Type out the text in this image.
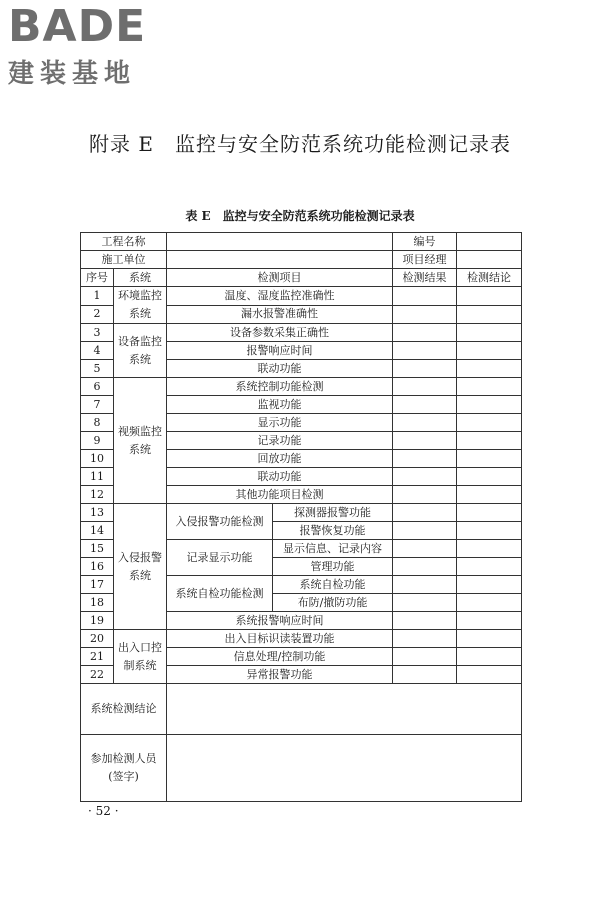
BADE
建装基地
附录 E　监控与安全防范系统功能检测记录表
表 E　监控与安全防范系统功能检测记录表
工程名称				编号	
施工单位				项目经理	
序号	系统	检测项目		检测结果	检测结论
1	环境监控系统	温度、湿度监控准确性			
2		漏水报警准确性			
3	设备监控系统	设备参数采集正确性			
4		报警响应时间			
5		联动功能			
6	视频监控系统	系统控制功能检测			
7		监视功能			
8		显示功能			
9		记录功能			
10		回放功能			
11		联动功能			
12		其他功能项目检测			
13	入侵报警系统	入侵报警功能检测	探测器报警功能		
14			报警恢复功能		
15		记录显示功能	显示信息、记录内容		
16			管理功能		
17		系统自检功能检测	系统自检功能		
18			布防/撤防功能		
19		系统报警响应时间			
20	出入口控制系统	出入目标识读装置功能			
21		信息处理/控制功能			
22		异常报警功能			
系统检测结论					

参加检测人员
(签字)					

· 52 ·
